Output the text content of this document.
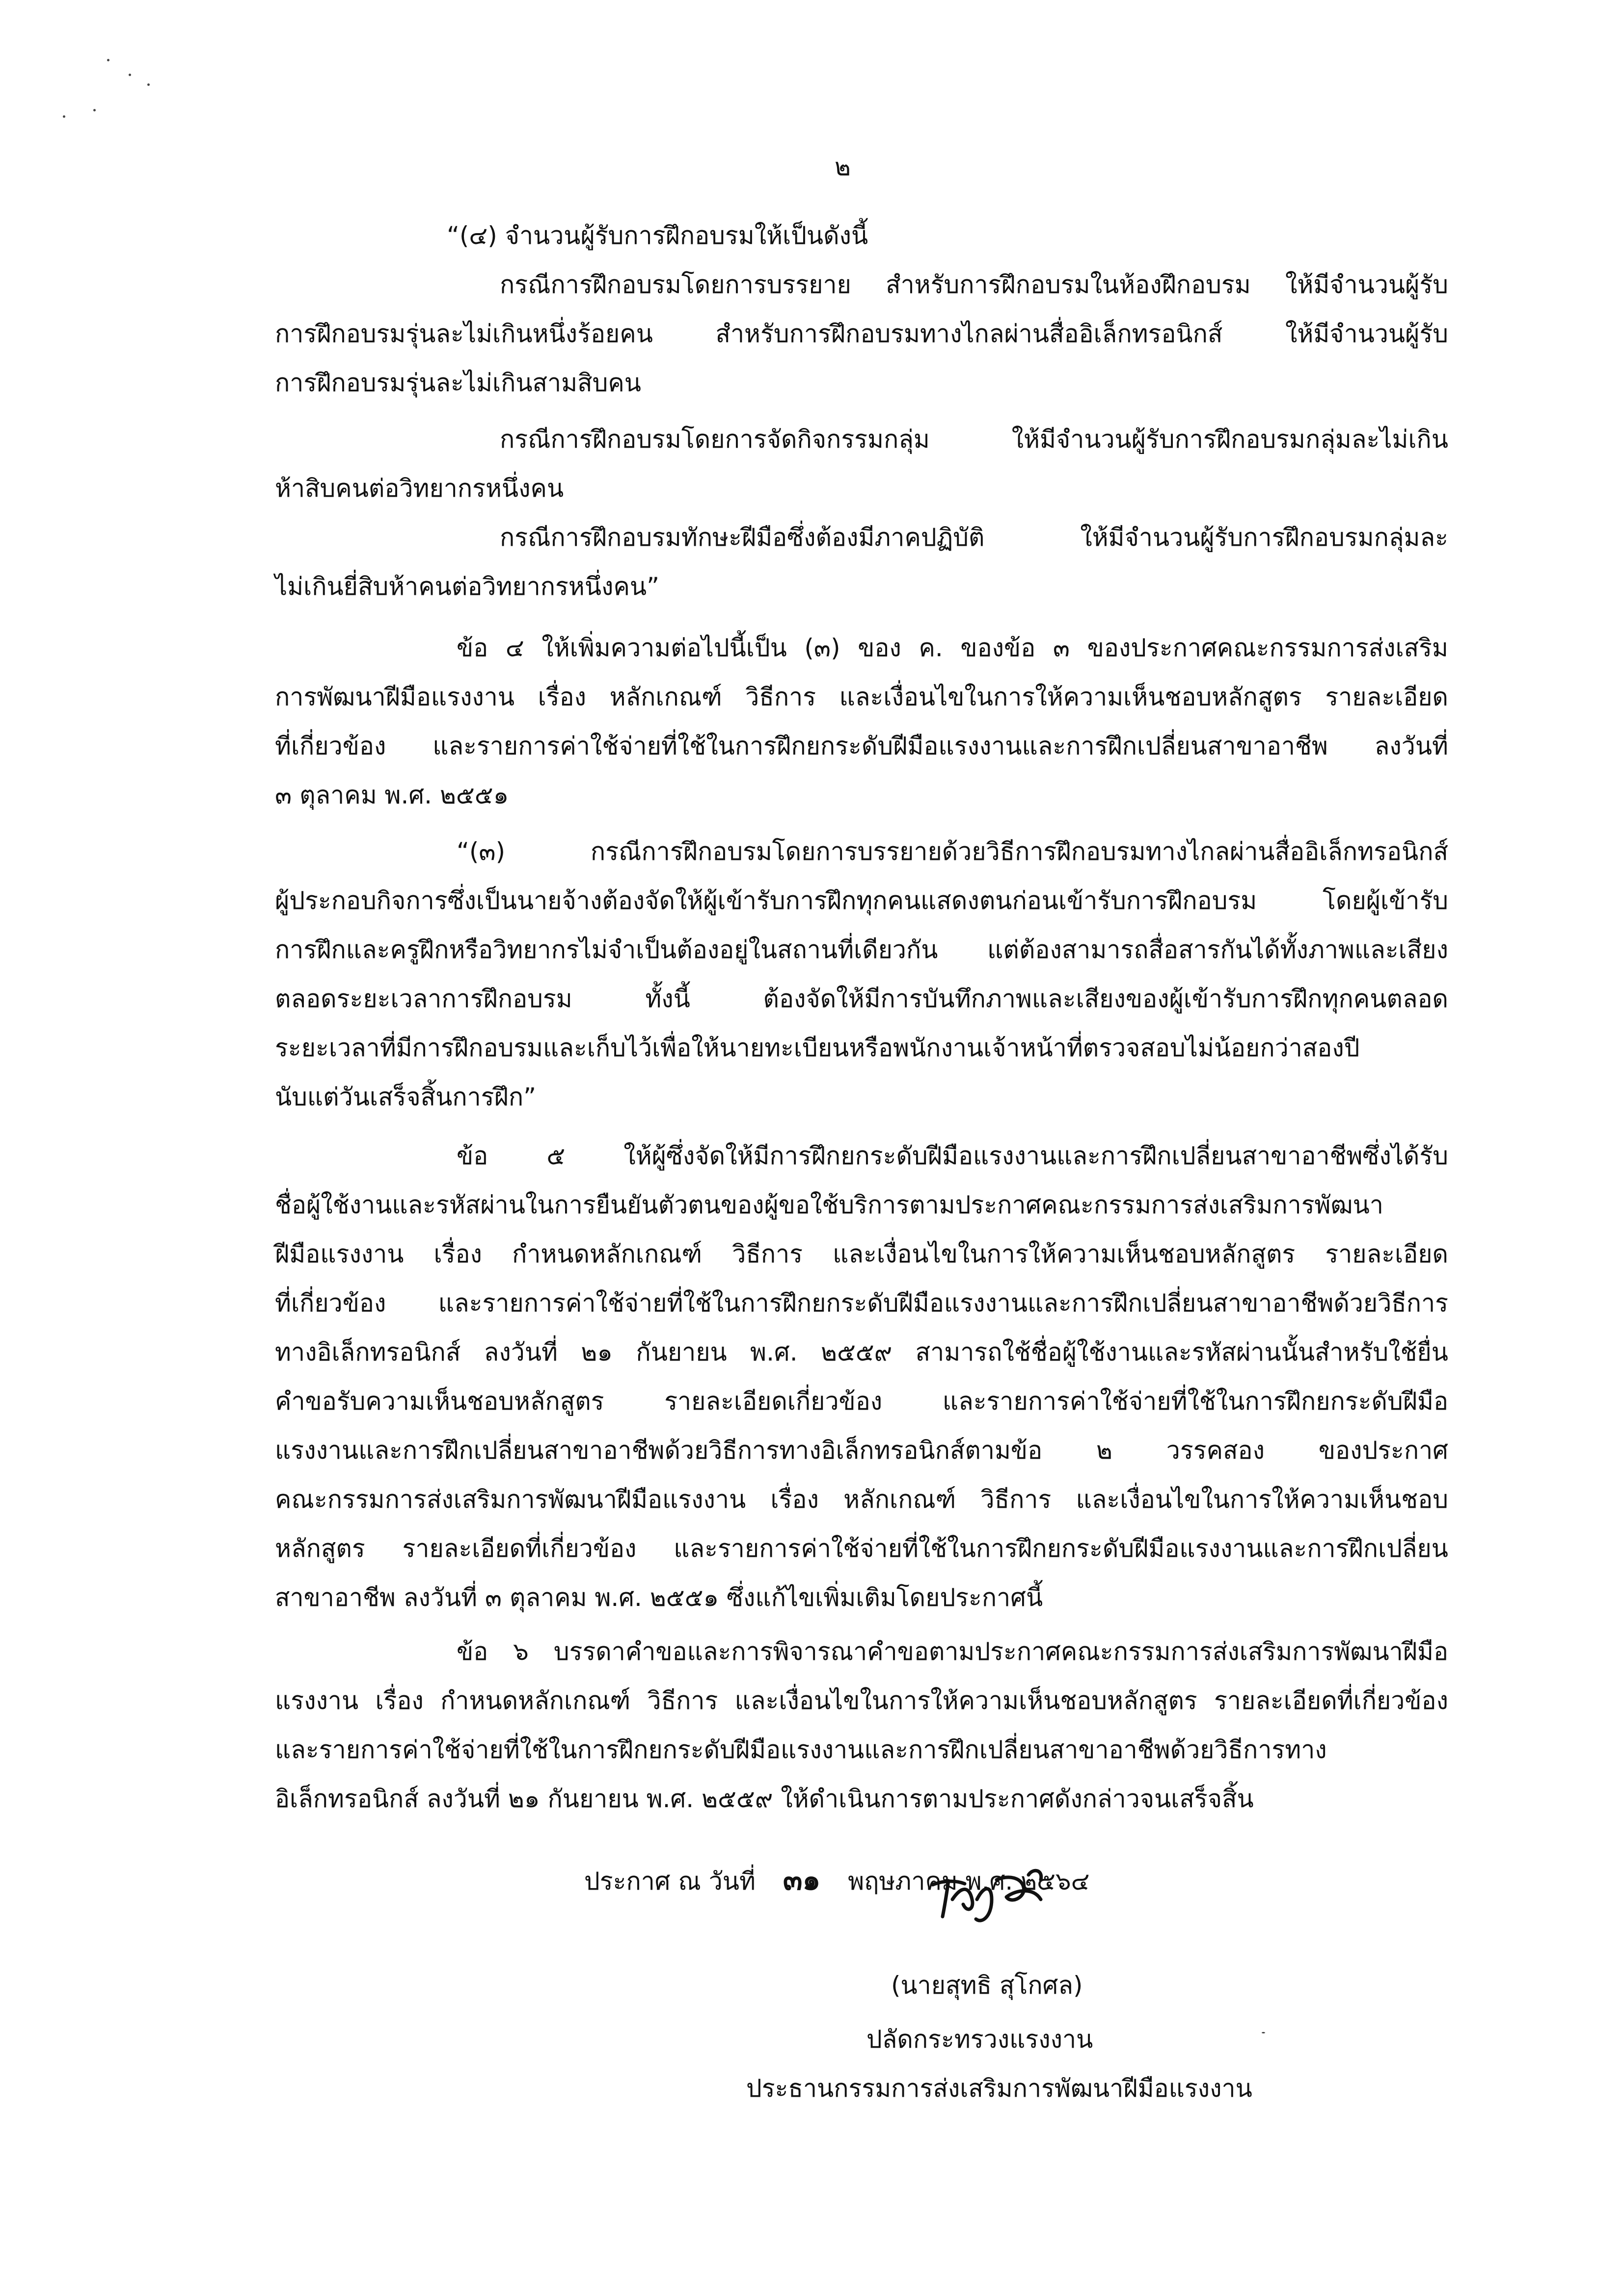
๒
“(๔) จำนวนผู้รับการฝึกอบรมให้เป็นดังนี้
กรณีการฝึกอบรมโดยการบรรยาย สำหรับการฝึกอบรมในห้องฝึกอบรม ให้มีจำนวนผู้รับ
การฝึกอบรมรุ่นละไม่เกินหนึ่งร้อยคน สำหรับการฝึกอบรมทางไกลผ่านสื่ออิเล็กทรอนิกส์ ให้มีจำนวนผู้รับ
การฝึกอบรมรุ่นละไม่เกินสามสิบคน
กรณีการฝึกอบรมโดยการจัดกิจกรรมกลุ่ม ให้มีจำนวนผู้รับการฝึกอบรมกลุ่มละไม่เกิน
ห้าสิบคนต่อวิทยากรหนึ่งคน
กรณีการฝึกอบรมทักษะฝีมือซึ่งต้องมีภาคปฏิบัติ ให้มีจำนวนผู้รับการฝึกอบรมกลุ่มละ
ไม่เกินยี่สิบห้าคนต่อวิทยากรหนึ่งคน”
ข้อ ๔ ให้เพิ่มความต่อไปนี้เป็น (๓) ของ ค. ของข้อ ๓ ของประกาศคณะกรรมการส่งเสริม
การพัฒนาฝีมือแรงงาน เรื่อง หลักเกณฑ์ วิธีการ และเงื่อนไขในการให้ความเห็นชอบหลักสูตร รายละเอียด
ที่เกี่ยวข้อง และรายการค่าใช้จ่ายที่ใช้ในการฝึกยกระดับฝีมือแรงงานและการฝึกเปลี่ยนสาขาอาชีพ ลงวันที่
๓ ตุลาคม พ.ศ. ๒๕๕๑
“(๓) กรณีการฝึกอบรมโดยการบรรยายด้วยวิธีการฝึกอบรมทางไกลผ่านสื่ออิเล็กทรอนิกส์
ผู้ประกอบกิจการซึ่งเป็นนายจ้างต้องจัดให้ผู้เข้ารับการฝึกทุกคนแสดงตนก่อนเข้ารับการฝึกอบรม โดยผู้เข้ารับ
การฝึกและครูฝึกหรือวิทยากรไม่จำเป็นต้องอยู่ในสถานที่เดียวกัน แต่ต้องสามารถสื่อสารกันได้ทั้งภาพและเสียง
ตลอดระยะเวลาการฝึกอบรม ทั้งนี้ ต้องจัดให้มีการบันทึกภาพและเสียงของผู้เข้ารับการฝึกทุกคนตลอด
ระยะเวลาที่มีการฝึกอบรมและเก็บไว้เพื่อให้นายทะเบียนหรือพนักงานเจ้าหน้าที่ตรวจสอบไม่น้อยกว่าสองปี
นับแต่วันเสร็จสิ้นการฝึก”
ข้อ ๕ ให้ผู้ซึ่งจัดให้มีการฝึกยกระดับฝีมือแรงงานและการฝึกเปลี่ยนสาขาอาชีพซึ่งได้รับ
ชื่อผู้ใช้งานและรหัสผ่านในการยืนยันตัวตนของผู้ขอใช้บริการตามประกาศคณะกรรมการส่งเสริมการพัฒนา
ฝีมือแรงงาน เรื่อง กำหนดหลักเกณฑ์ วิธีการ และเงื่อนไขในการให้ความเห็นชอบหลักสูตร รายละเอียด
ที่เกี่ยวข้อง และรายการค่าใช้จ่ายที่ใช้ในการฝึกยกระดับฝีมือแรงงานและการฝึกเปลี่ยนสาขาอาชีพด้วยวิธีการ
ทางอิเล็กทรอนิกส์ ลงวันที่ ๒๑ กันยายน พ.ศ. ๒๕๕๙ สามารถใช้ชื่อผู้ใช้งานและรหัสผ่านนั้นสำหรับใช้ยื่น
คำขอรับความเห็นชอบหลักสูตร รายละเอียดเกี่ยวข้อง และรายการค่าใช้จ่ายที่ใช้ในการฝึกยกระดับฝีมือ
แรงงานและการฝึกเปลี่ยนสาขาอาชีพด้วยวิธีการทางอิเล็กทรอนิกส์ตามข้อ ๒ วรรคสอง ของประกาศ
คณะกรรมการส่งเสริมการพัฒนาฝีมือแรงงาน เรื่อง หลักเกณฑ์ วิธีการ และเงื่อนไขในการให้ความเห็นชอบ
หลักสูตร รายละเอียดที่เกี่ยวข้อง และรายการค่าใช้จ่ายที่ใช้ในการฝึกยกระดับฝีมือแรงงานและการฝึกเปลี่ยน
สาขาอาชีพ ลงวันที่ ๓ ตุลาคม พ.ศ. ๒๕๕๑ ซึ่งแก้ไขเพิ่มเติมโดยประกาศนี้
ข้อ ๖ บรรดาคำขอและการพิจารณาคำขอตามประกาศคณะกรรมการส่งเสริมการพัฒนาฝีมือ
แรงงาน เรื่อง กำหนดหลักเกณฑ์ วิธีการ และเงื่อนไขในการให้ความเห็นชอบหลักสูตร รายละเอียดที่เกี่ยวข้อง
และรายการค่าใช้จ่ายที่ใช้ในการฝึกยกระดับฝีมือแรงงานและการฝึกเปลี่ยนสาขาอาชีพด้วยวิธีการทาง
อิเล็กทรอนิกส์ ลงวันที่ ๒๑ กันยายน พ.ศ. ๒๕๕๙ ให้ดำเนินการตามประกาศดังกล่าวจนเสร็จสิ้น
ประกาศ ณ วันที่ ๓๑ พฤษภาคม พ.ศ. ๒๕๖๔
(นายสุทธิ สุโกศล)
ปลัดกระทรวงแรงงาน
ประธานกรรมการส่งเสริมการพัฒนาฝีมือแรงงาน
